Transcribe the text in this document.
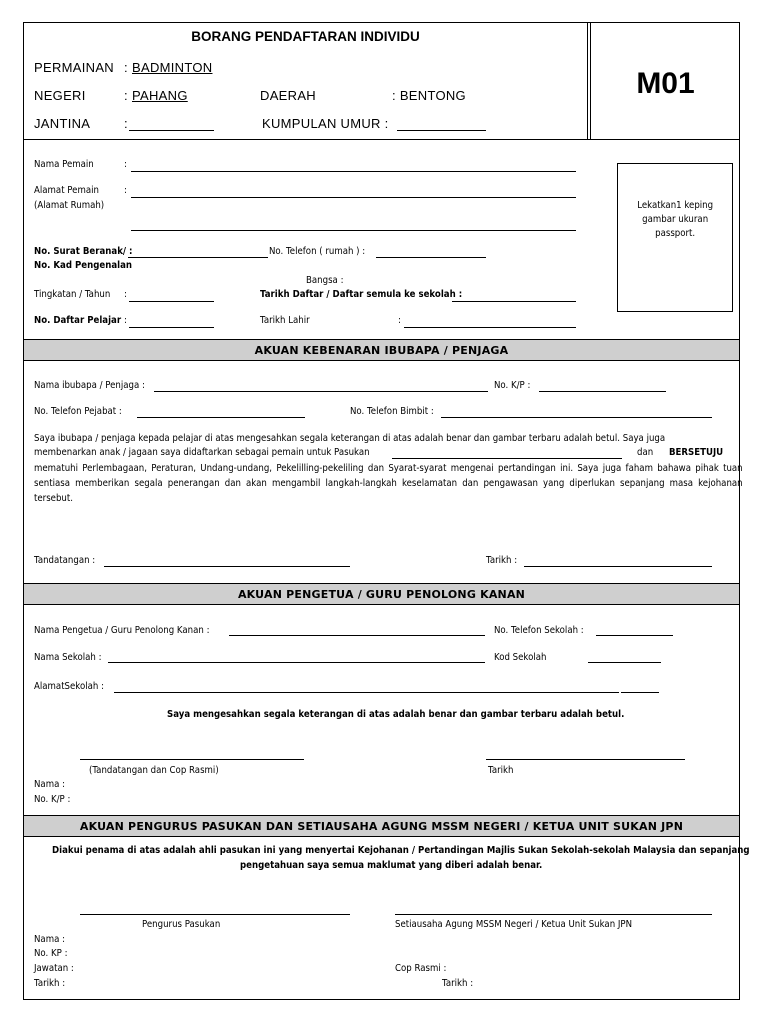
BORANG PENDAFTARAN INDIVIDU
M01
PERMAINAN : BADMINTON
NEGERI	: PAHANG	DAERAH	: BENTONG
JANTINA	:	KUMPULAN UMUR :
Nama Pemain	:
Alamat Pemain	:
(Alamat Rumah)
No. Surat Beranak/ :	No. Telefon ( rumah ) :
No. Kad Pengenalan
Bangsa :
Tingkatan / Tahun :	Tarikh Daftar / Daftar semula ke sekolah :
No. Daftar Pelajar :	Tarikh Lahir	:
Lekatkan1 keping gambar ukuran passport.
AKUAN KEBENARAN IBUBAPA / PENJAGA
Nama ibubapa / Penjaga :	No. K/P :
No. Telefon Pejabat :	No. Telefon Bimbit :
Saya ibubapa / penjaga kepada pelajar di atas mengesahkan segala keterangan di atas adalah benar dan gambar terbaru adalah betul. Saya juga
membenarkan anak / jagaan saya didaftarkan sebagai pemain untuk Pasukan	dan BERSETUJU
mematuhi Perlembagaan, Peraturan, Undang-undang, Pekelilling-pekeliling dan Syarat-syarat mengenai pertandingan ini. Saya juga faham bahawa pihak tuan sentiasa memberikan segala penerangan dan akan mengambil langkah-langkah keselamatan dan pengawasan yang diperlukan sepanjang masa kejohanan tersebut.
Tandatangan :	Tarikh :
AKUAN PENGETUA / GURU PENOLONG KANAN
Nama Pengetua / Guru Penolong Kanan :	No. Telefon Sekolah :
Nama Sekolah :	Kod Sekolah
AlamatSekolah :
Saya mengesahkan segala keterangan di atas adalah benar dan gambar terbaru adalah betul.
(Tandatangan dan Cop Rasmi)	Tarikh
Nama :
No. K/P :
AKUAN PENGURUS PASUKAN DAN SETIAUSAHA AGUNG MSSM NEGERI / KETUA UNIT SUKAN JPN
Diakui penama di atas adalah ahli pasukan ini yang menyertai Kejohanan / Pertandingan Majlis Sukan Sekolah-sekolah Malaysia dan sepanjang
pengetahuan saya semua maklumat yang diberi adalah benar.
Pengurus Pasukan	Setiausaha Agung MSSM Negeri / Ketua Unit Sukan JPN
Nama :
No. KP :
Jawatan :	Cop Rasmi :
Tarikh :	Tarikh :
